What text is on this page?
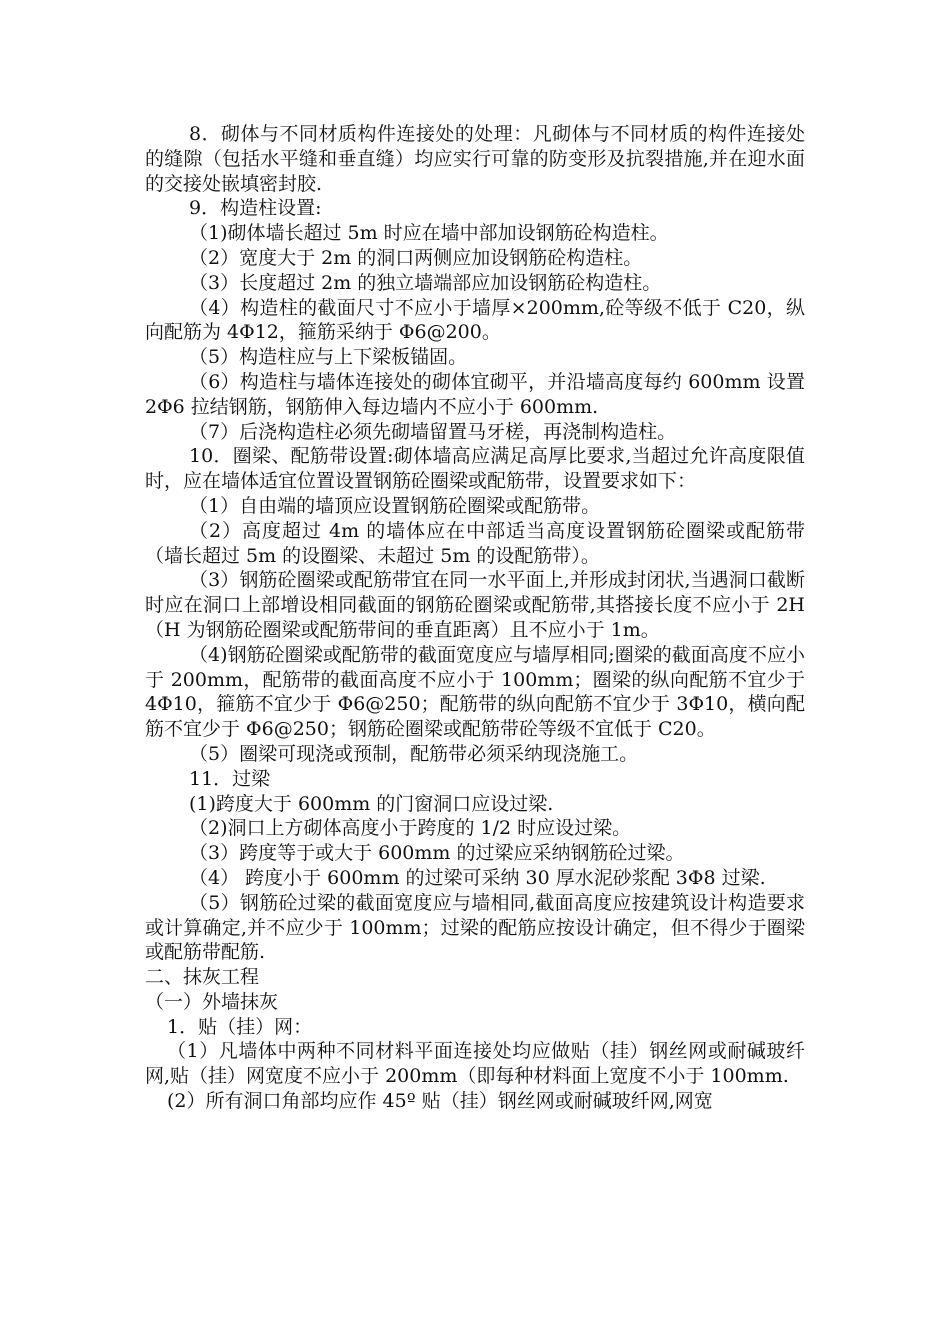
8．砌体与不同材质构件连接处的处理：凡砌体与不同材质的构件连接处的缝隙（包括水平缝和垂直缝）均应实行可靠的防变形及抗裂措施,并在迎水面的交接处嵌填密封胶.

9．构造柱设置:

（1)砌体墙长超过 5m 时应在墙中部加设钢筋砼构造柱。

（2）宽度大于 2m 的洞口两侧应加设钢筋砼构造柱。

（3）长度超过 2m 的独立墙端部应加设钢筋砼构造柱。

（4）构造柱的截面尺寸不应小于墙厚×200mm,砼等级不低于 C20，纵向配筋为 4Φ12，箍筋采纳于 Φ6@200。

（5）构造柱应与上下梁板锚固。

（6）构造柱与墙体连接处的砌体宜砌平，并沿墙高度每约 600mm 设置 2Φ6 拉结钢筋，钢筋伸入每边墙内不应小于 600mm.

（7）后浇构造柱必须先砌墙留置马牙槎，再浇制构造柱。

10．圈梁、配筋带设置:砌体墙高应满足高厚比要求,当超过允许高度限值时，应在墙体适宜位置设置钢筋砼圈梁或配筋带，设置要求如下：

（1）自由端的墙顶应设置钢筋砼圈梁或配筋带。

（2）高度超过 4m 的墙体应在中部适当高度设置钢筋砼圈梁或配筋带（墙长超过 5m 的设圈梁、未超过 5m 的设配筋带）。

（3）钢筋砼圈梁或配筋带宜在同一水平面上,并形成封闭状,当遇洞口截断时应在洞口上部增设相同截面的钢筋砼圈梁或配筋带,其搭接长度不应小于 2H（H 为钢筋砼圈梁或配筋带间的垂直距离）且不应小于 1m。

（4)钢筋砼圈梁或配筋带的截面宽度应与墙厚相同;圈梁的截面高度不应小于 200mm，配筋带的截面高度不应小于 100mm；圈梁的纵向配筋不宜少于 4Φ10，箍筋不宜少于 Φ6@250；配筋带的纵向配筋不宜少于 3Φ10，横向配筋不宜少于 Φ6@250；钢筋砼圈梁或配筋带砼等级不宜低于 C20。

（5）圈梁可现浇或预制，配筋带必须采纳现浇施工。

11．过梁

(1)跨度大于 600mm 的门窗洞口应设过梁.

（2)洞口上方砌体高度小于跨度的 1/2 时应设过梁。

（3）跨度等于或大于 600mm 的过梁应采纳钢筋砼过梁。

（4） 跨度小于 600mm 的过梁可采纳 30 厚水泥砂浆配 3Φ8 过梁.

（5）钢筋砼过梁的截面宽度应与墙相同,截面高度应按建筑设计构造要求或计算确定,并不应少于 100mm；过梁的配筋应按设计确定，但不得少于圈梁或配筋带配筋.

二、抹灰工程

（一）外墙抹灰

1．贴（挂）网：

（1）凡墙体中两种不同材料平面连接处均应做贴（挂）钢丝网或耐碱玻纤网,贴（挂）网宽度不应小于 200mm（即每种材料面上宽度不小于 100mm.

(2）所有洞口角部均应作 45º 贴（挂）钢丝网或耐碱玻纤网,网宽
